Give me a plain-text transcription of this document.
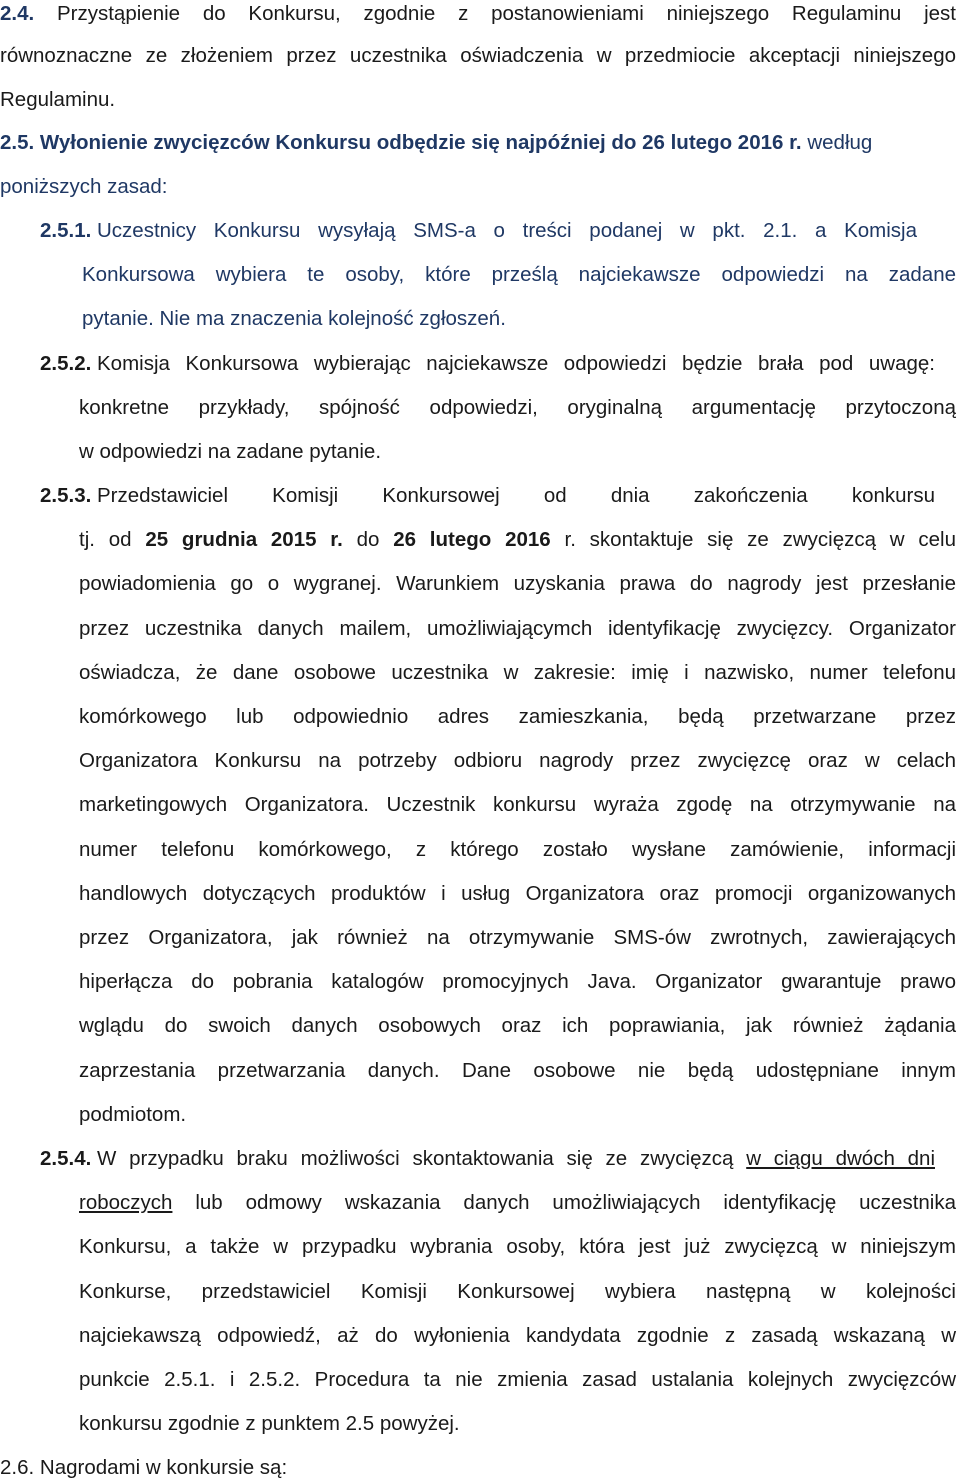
2.4. Przystąpienie do Konkursu, zgodnie z postanowieniami niniejszego Regulaminu jest
równoznaczne ze złożeniem przez uczestnika oświadczenia w przedmiocie akceptacji niniejszego
Regulaminu.
2.5. Wyłonienie zwycięzców Konkursu odbędzie się najpóźniej do 26 lutego 2016 r. według
poniższych zasad:
2.5.1. Uczestnicy Konkursu wysyłają SMS-a o treści podanej w pkt. 2.1. a Komisja
Konkursowa wybiera te osoby, które prześlą najciekawsze odpowiedzi na zadane
pytanie. Nie ma znaczenia kolejność zgłoszeń.
2.5.2. Komisja Konkursowa wybierając najciekawsze odpowiedzi będzie brała pod uwagę:
konkretne przykłady, spójność odpowiedzi, oryginalną argumentację przytoczoną
w odpowiedzi na zadane pytanie.
2.5.3. Przedstawiciel Komisji Konkursowej od dnia zakończenia konkursu
tj. od 25 grudnia 2015 r. do 26 lutego 2016 r. skontaktuje się ze zwycięzcą w celu
powiadomienia go o wygranej. Warunkiem uzyskania prawa do nagrody jest przesłanie
przez uczestnika danych mailem, umożliwiającymch identyfikację zwycięzcy. Organizator
oświadcza, że dane osobowe uczestnika w zakresie: imię i nazwisko, numer telefonu
komórkowego lub odpowiednio adres zamieszkania, będą przetwarzane przez
Organizatora Konkursu na potrzeby odbioru nagrody przez zwycięzcę oraz w celach
marketingowych Organizatora. Uczestnik konkursu wyraża zgodę na otrzymywanie na
numer telefonu komórkowego, z którego zostało wysłane zamówienie, informacji
handlowych dotyczących produktów i usług Organizatora oraz promocji organizowanych
przez Organizatora, jak również na otrzymywanie SMS-ów zwrotnych, zawierających
hiperłącza do pobrania katalogów promocyjnych Java. Organizator gwarantuje prawo
wglądu do swoich danych osobowych oraz ich poprawiania, jak również żądania
zaprzestania przetwarzania danych. Dane osobowe nie będą udostępniane innym
podmiotom.
2.5.4. W przypadku braku możliwości skontaktowania się ze zwycięzcą w ciągu dwóch dni
roboczych lub odmowy wskazania danych umożliwiających identyfikację uczestnika
Konkursu, a także w przypadku wybrania osoby, która jest już zwycięzcą w niniejszym
Konkurse, przedstawiciel Komisji Konkursowej wybiera następną w kolejności
najciekawszą odpowiedź, aż do wyłonienia kandydata zgodnie z zasadą wskazaną w
punkcie 2.5.1. i 2.5.2. Procedura ta nie zmienia zasad ustalania kolejnych zwycięzców
konkursu zgodnie z punktem 2.5 powyżej.
2.6. Nagrodami w konkursie są:
